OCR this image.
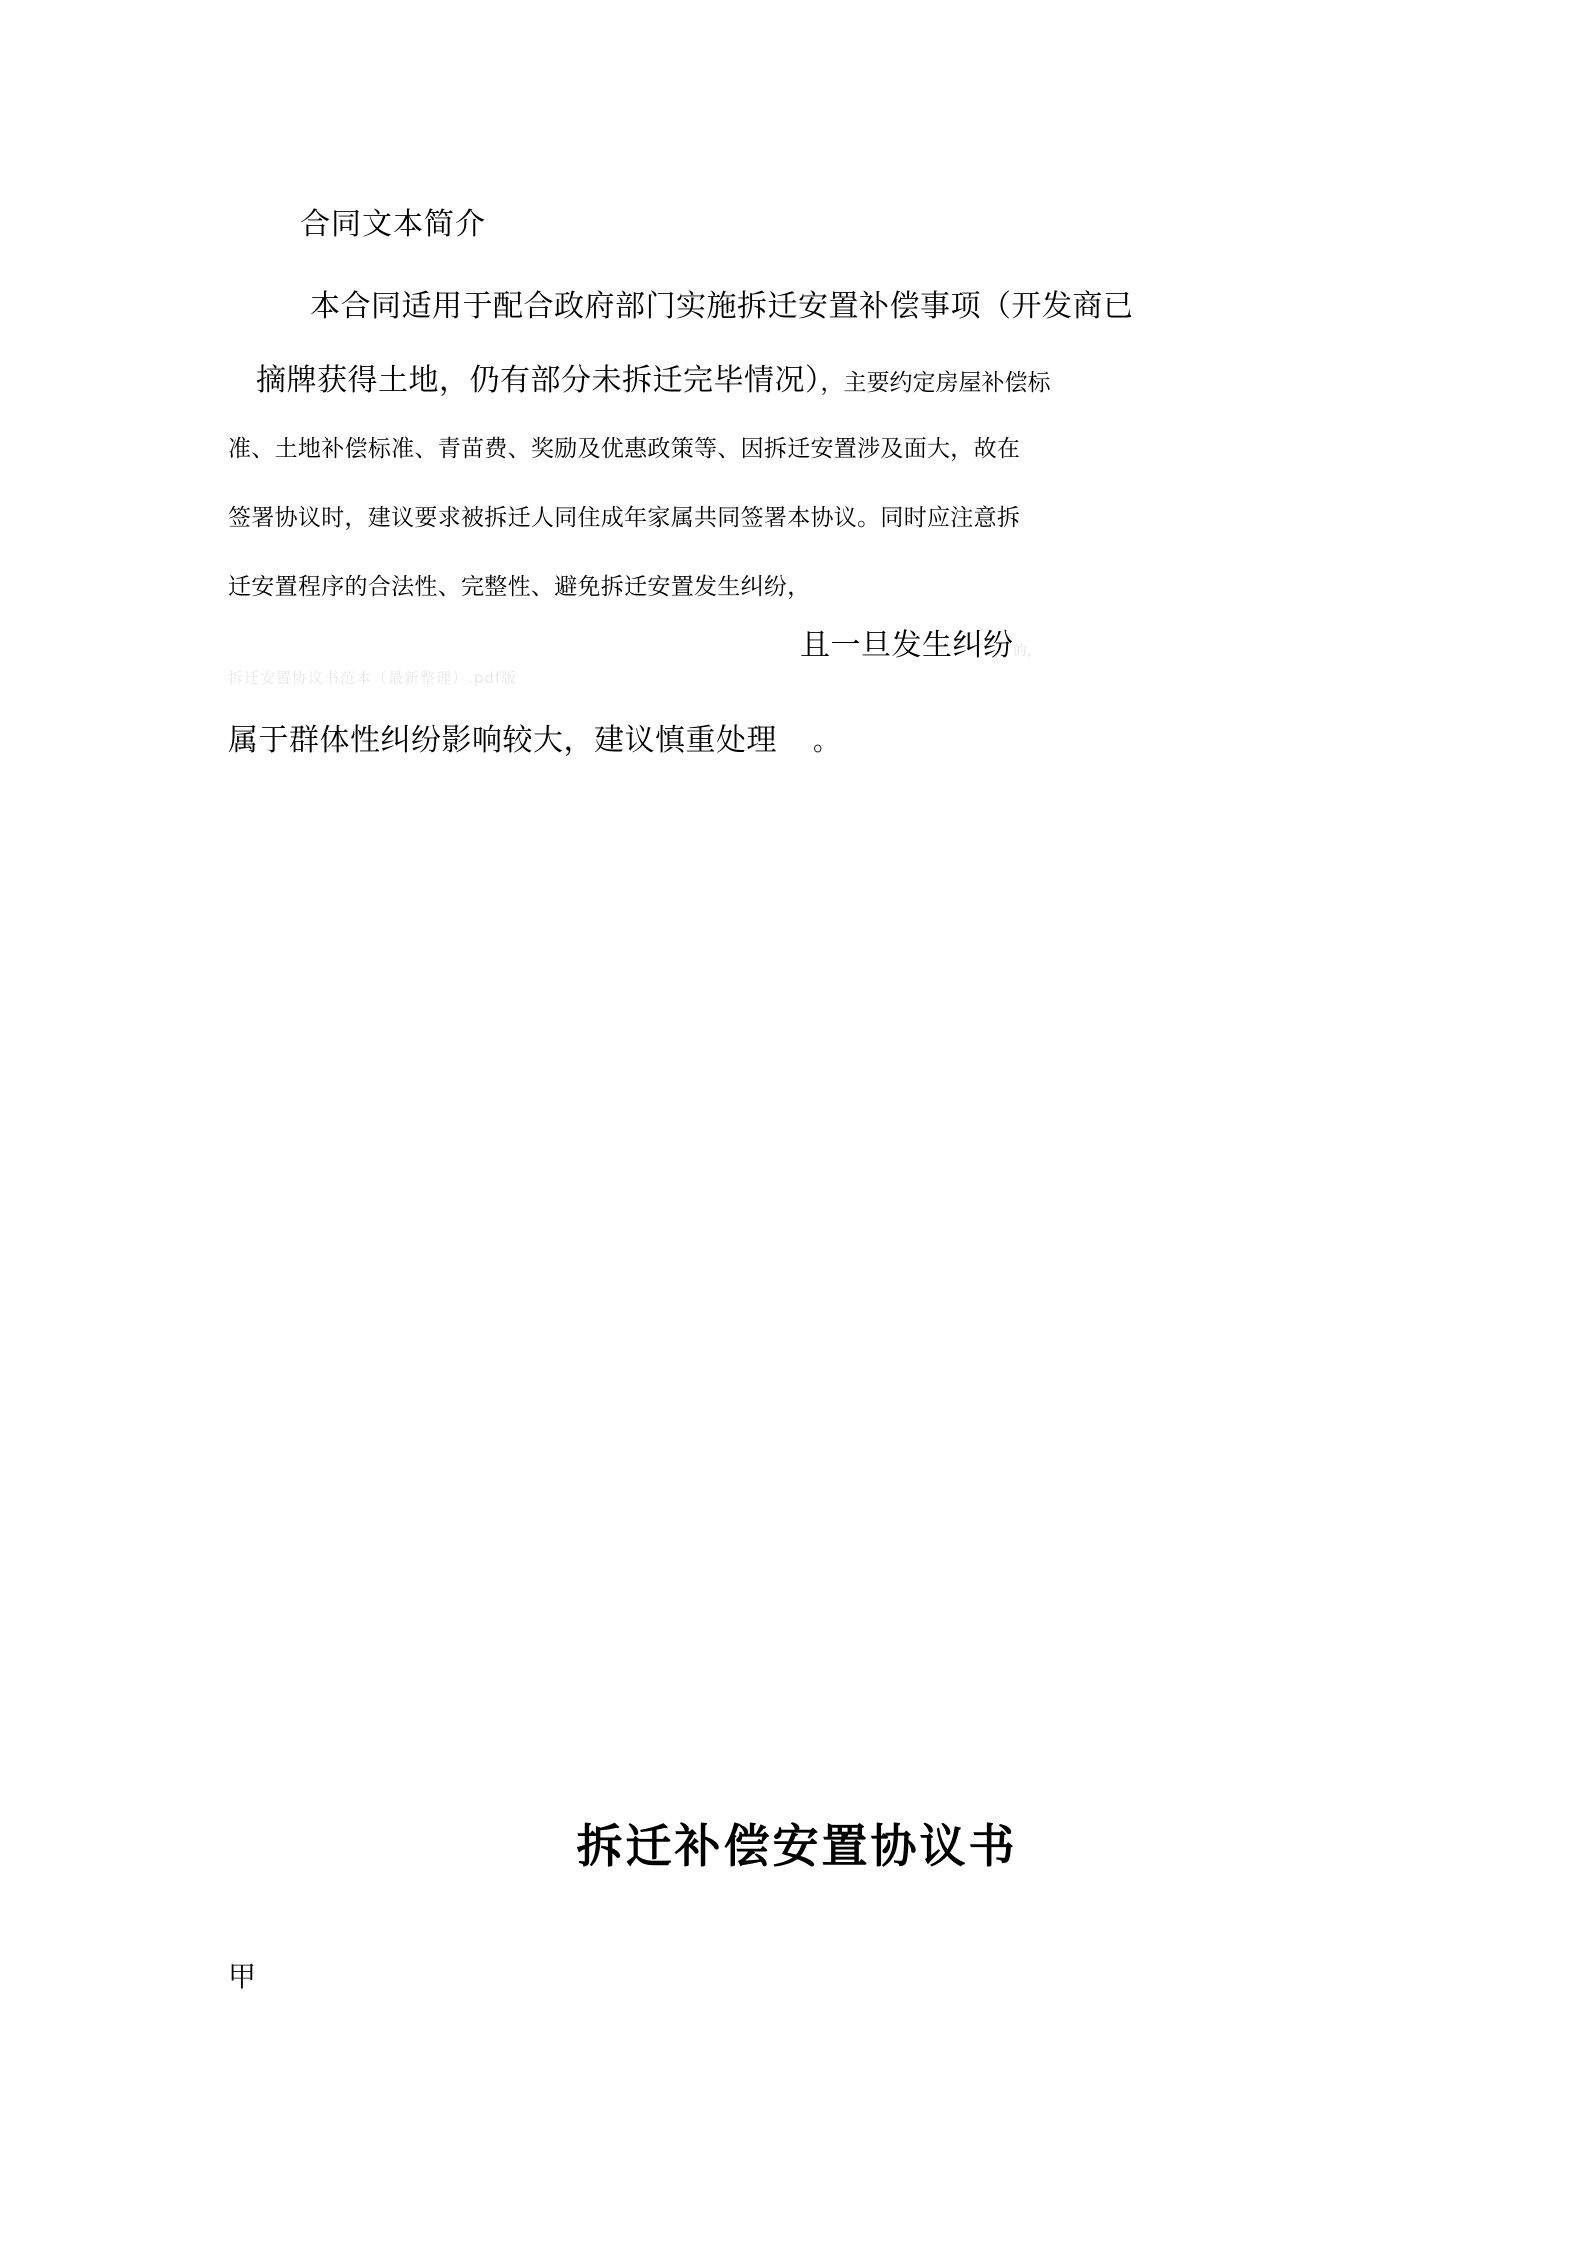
合同文本简介
本合同适用于配合政府部门实施拆迁安置补偿事项（开发商已
摘牌获得土地，仍有部分未拆迁完毕情况），主要约定房屋补偿标
准、土地补偿标准、青苗费、奖励及优惠政策等、因拆迁安置涉及面大，故在
签署协议时，建议要求被拆迁人同住成年家属共同签署本协议。同时应注意拆
迁安置程序的合法性、完整性、避免拆迁安置发生纠纷，
且一旦发生纠纷的，
拆迁安置协议书范本（最新整理）.pdf版
属于群体性纠纷影响较大，建议慎重处理 。
拆迁补偿安置协议书
甲
